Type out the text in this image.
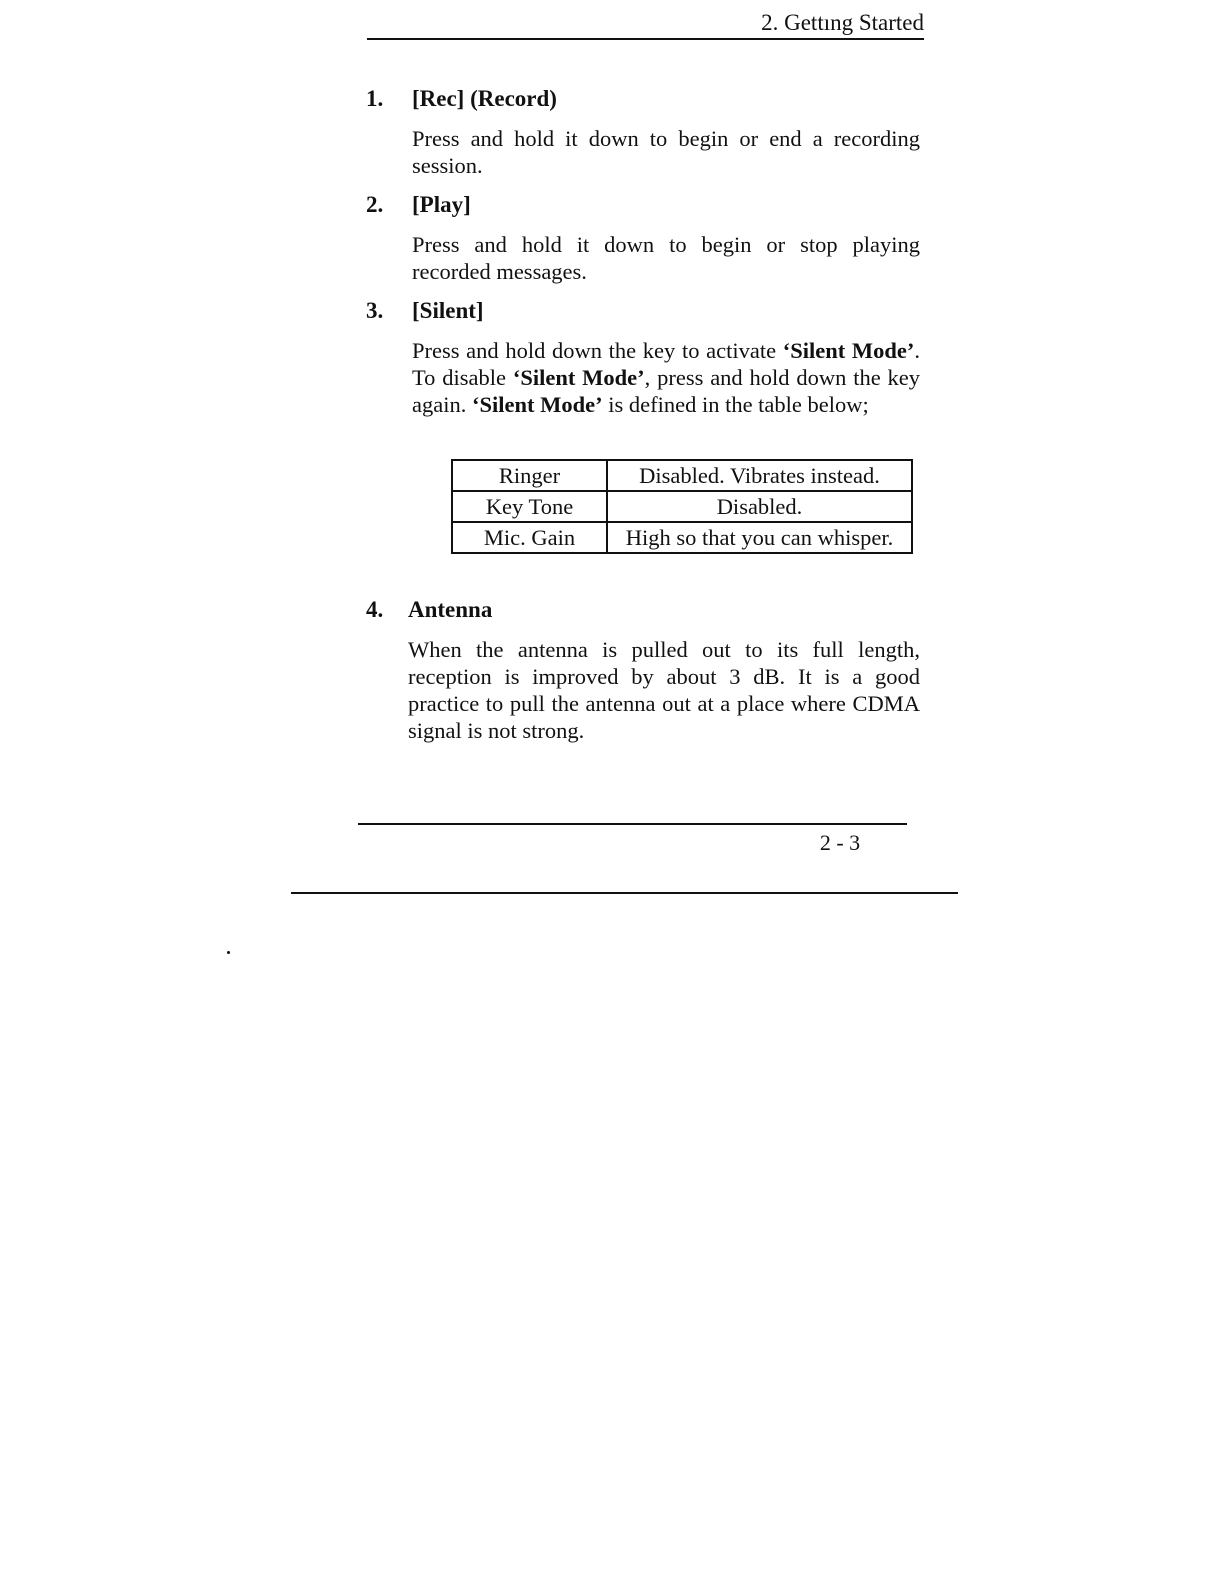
2. Gettıng Started
1. [Rec] (Record)
Press and hold it down to begin or end a recording session.
2. [Play]
Press and hold it down to begin or stop playing recorded messages.
3. [Silent]
Press and hold down the key to activate ‘Silent Mode’. To disable ‘Silent Mode’, press and hold down the key again. ‘Silent Mode’ is defined in the table below;
Ringer	Disabled. Vibrates instead.
Key Tone	Disabled.
Mic. Gain	High so that you can whisper.
4. Antenna
When the antenna is pulled out to its full length, reception is improved by about 3 dB. It is a good practice to pull the antenna out at a place where CDMA signal is not strong.
2 - 3
